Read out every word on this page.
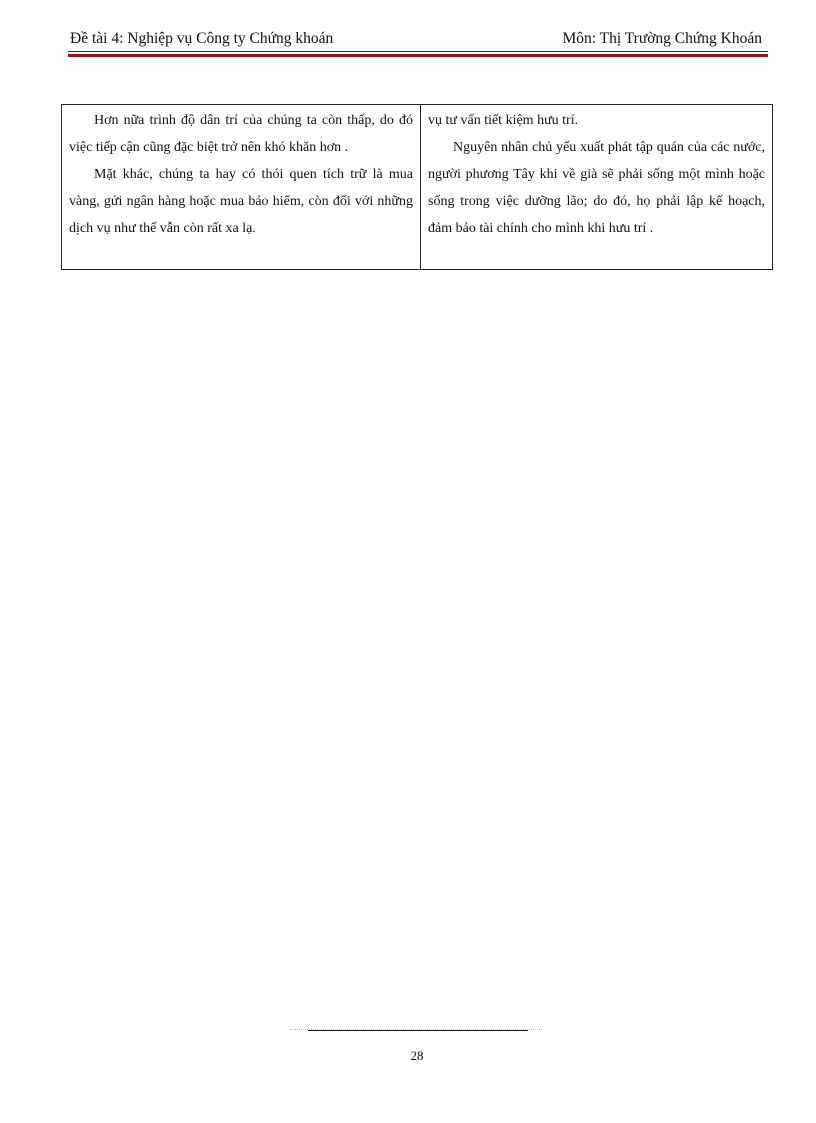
Đề tài 4: Nghiệp vụ Công ty Chứng khoán	Môn: Thị Trường Chứng Khoán

Hơn nữa trình độ dân trí của chúng ta còn thấp, do đó việc tiếp cận cũng đặc biệt trở nên khó khăn hơn .

Mặt khác, chúng ta hay có thói quen tích trữ là mua vàng, gửi ngân hàng hoặc mua bảo hiểm, còn đối với những dịch vụ như thế vẫn còn rất xa lạ.

vụ tư vấn tiết kiệm hưu trí.

Nguyên nhân chủ yếu xuất phát tập quán của các nước, người phương Tây khi về già sẽ phải sống một mình hoặc sống trong việc dưỡng lão; do đó, họ phải lập kế hoạch, đảm bảo tài chính cho mình khi hưu trí .

28
